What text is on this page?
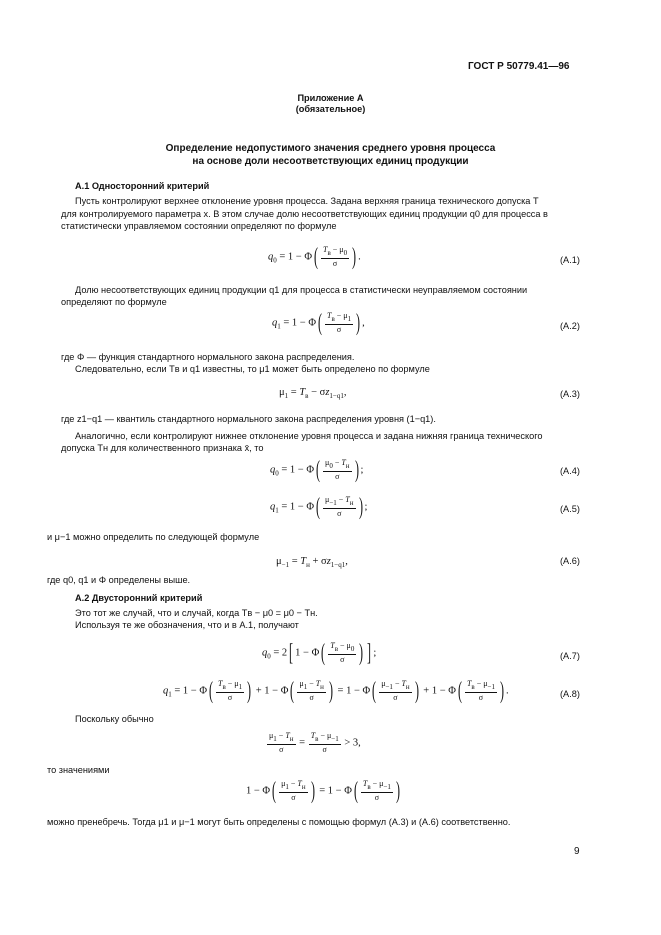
ГОСТ Р 50779.41—96
Приложение А
(обязательное)
Определение недопустимого значения среднего уровня процесса
на основе доли несоответствующих единиц продукции
А.1 Односторонний критерий
Пусть контролируют верхнее отклонение уровня процесса. Задана верхняя граница технического допуска T
для контролируемого параметра x. В этом случае долю несоответствующих единиц продукции q0 для процесса в
статистически управляемом состоянии определяют по формуле
$q_0 = 1 - \Phi( \frac{Tв - \mu 0}{\sigma}$ ) .	(A.1)
Долю несоответствующих единиц продукции q1 для процесса в статистически неуправляемом состоянии
определяют по формуле
$q_1 = 1 - \Phi( \frac{Tв - \mu 1}{\sigma}$ ) ,	(A.2)
где Φ — функция стандартного нормального закона распределения.
Следовательно, если Tв и q1 известны, то μ1 может быть определено по формуле
$\mu_1 = T_в - \sigma z_{1-q1}$,	(A.3)
где z1−q1 — квантиль стандартного нормального закона распределения уровня (1−q1).
Аналогично, если контролируют нижнее отклонение уровня процесса и задана нижняя граница технического
допуска Tн для количественного признака x̄, то
$q_0 = 1 - \Phi( \frac{\mu 0 - Tн}{\sigma}$ ) ;	(A.4)
$q_1 = 1 - \Phi( \frac{\mu-1 - Tн}{\sigma}$ ) ;	(A.5)
и μ−1 можно определить по следующей формуле
$\mu_{-1} = T_н + \sigma z_{1-q1}$,	(A.6)
где q0, q1 и Φ определены выше.
А.2 Двусторонний критерий
Это тот же случай, что и случай, когда Tв − μ0 = μ0 − Tн.
Используя те же обозначения, что и в А.1, получают
$q_0 = 2$[ $1 - \Phi( \frac{Tв - \mu 0}{\sigma}$ ) ] ;	(A.7)
$q_1 = 1 - \Phi( \frac{Tв - \mu 1}{\sigma}$ ) + $1 - \Phi( \frac{\mu 1 - Tн}{\sigma}$ ) = $1 - \Phi( \frac{\mu-1 - Tн}{\sigma}$ ) + $1 - \Phi( \frac{Tв - \mu-1}{\sigma}$ ) .	(A.8)
Поскольку обычно
$\frac{\mu 1 - Tн}{\sigma} = \frac{Tв - \mu-1}{\sigma} > 3$,
то значениями
$1 - \Phi( \frac{\mu 1 - Tн}{\sigma}$ ) = $1 - \Phi( \frac{Tв - \mu-1}{\sigma}$ )
можно пренебречь. Тогда μ1 и μ−1 могут быть определены с помощью формул (А.3) и (А.6) соответственно.
9
